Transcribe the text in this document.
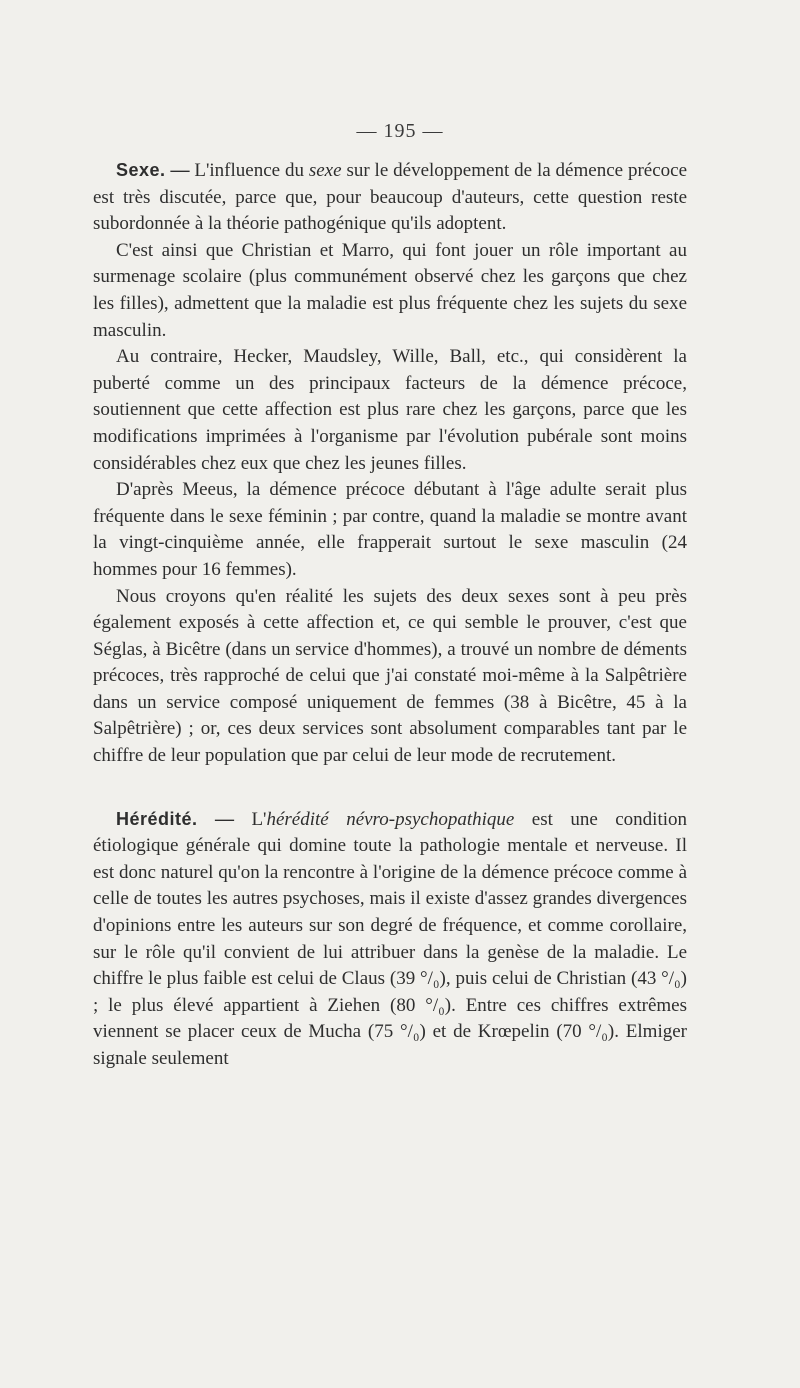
— 195 —

Sexe. — L'influence du sexe sur le développement de la démence précoce est très discutée, parce que, pour beaucoup d'auteurs, cette question reste subordonnée à la théorie pathogénique qu'ils adoptent.

C'est ainsi que Christian et Marro, qui font jouer un rôle important au surmenage scolaire (plus communément observé chez les garçons que chez les filles), admettent que la maladie est plus fréquente chez les sujets du sexe masculin.

Au contraire, Hecker, Maudsley, Wille, Ball, etc., qui considèrent la puberté comme un des principaux facteurs de la démence précoce, soutiennent que cette affection est plus rare chez les garçons, parce que les modifications imprimées à l'organisme par l'évolution pubérale sont moins considérables chez eux que chez les jeunes filles.

D'après Meeus, la démence précoce débutant à l'âge adulte serait plus fréquente dans le sexe féminin ; par contre, quand la maladie se montre avant la vingt-cinquième année, elle frapperait surtout le sexe masculin (24 hommes pour 16 femmes).

Nous croyons qu'en réalité les sujets des deux sexes sont à peu près également exposés à cette affection et, ce qui semble le prouver, c'est que Séglas, à Bicêtre (dans un service d'hommes), a trouvé un nombre de déments précoces, très rapproché de celui que j'ai constaté moi-même à la Salpêtrière dans un service composé uniquement de femmes (38 à Bicêtre, 45 à la Salpêtrière) ; or, ces deux services sont absolument comparables tant par le chiffre de leur population que par celui de leur mode de recrutement.

Hérédité. — L'hérédité névro-psychopathique est une condition étiologique générale qui domine toute la pathologie mentale et nerveuse. Il est donc naturel qu'on la rencontre à l'origine de la démence précoce comme à celle de toutes les autres psychoses, mais il existe d'assez grandes divergences d'opinions entre les auteurs sur son degré de fréquence, et comme corollaire, sur le rôle qu'il convient de lui attribuer dans la genèse de la maladie. Le chiffre le plus faible est celui de Claus (39 °/₀), puis celui de Christian (43 °/₀) ; le plus élevé appartient à Ziehen (80 °/₀). Entre ces chiffres extrêmes viennent se placer ceux de Mucha (75 °/₀) et de Krœpelin (70 °/₀). Elmiger signale seulement
